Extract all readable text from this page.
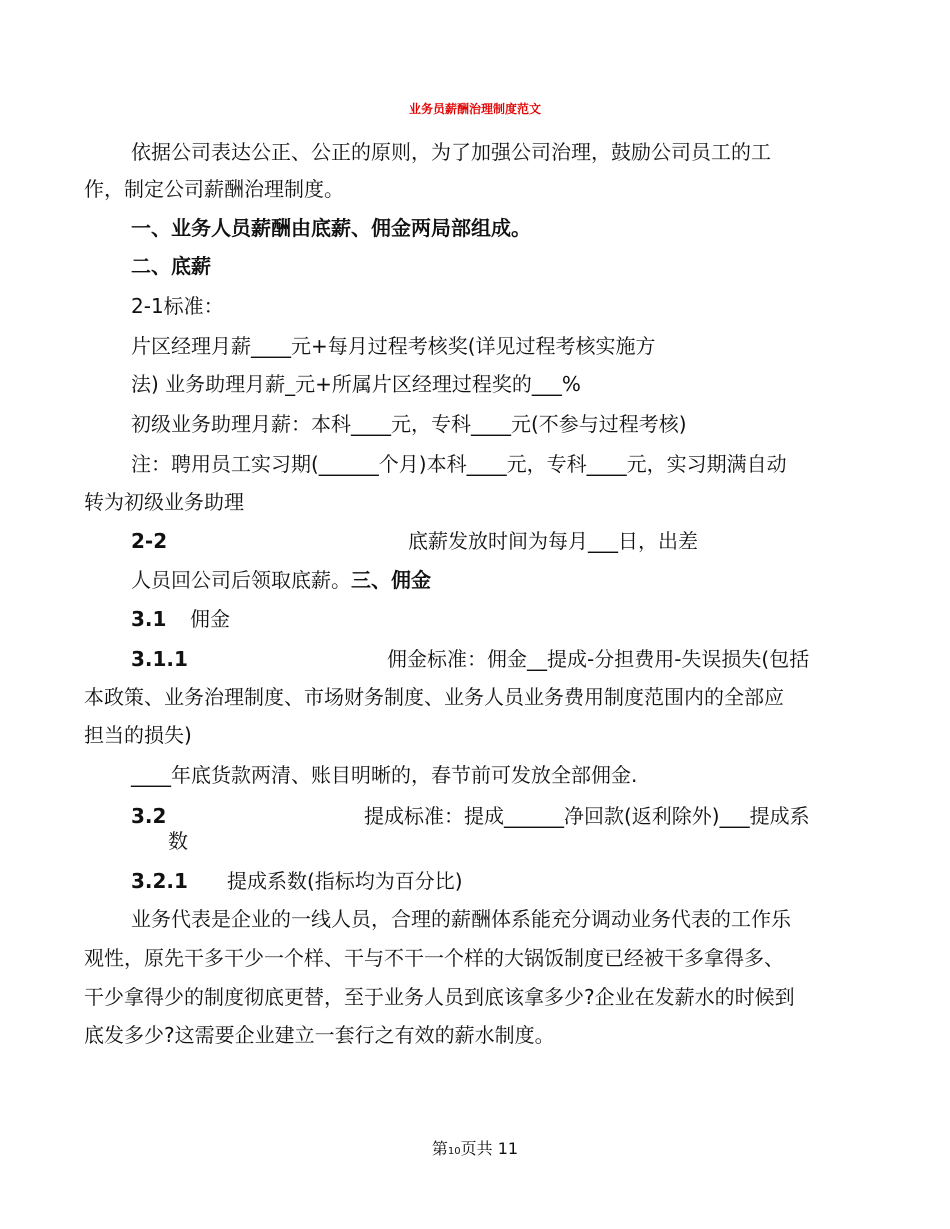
业务员薪酬治理制度范文
依据公司表达公正、公正的原则，为了加强公司治理，鼓励公司员工的工
作，制定公司薪酬治理制度。
一、业务人员薪酬由底薪、佣金两局部组成。
二、底薪
2-1标准：
片区经理月薪____元+每月过程考核奖(详见过程考核实施方
法) 业务助理月薪_元+所属片区经理过程奖的___%
初级业务助理月薪：本科____元，专科____元(不参与过程考核)
注：聘用员工实习期(______个月)本科____元，专科____元，实习期满自动
转为初级业务助理
2-2	底薪发放时间为每月___日，出差
人员回公司后领取底薪。三、佣金
3.1 佣金
3.1.1	佣金标准：佣金__提成-分担费用-失误损失(包括
本政策、业务治理制度、市场财务制度、业务人员业务费用制度范围内的全部应
担当的损失)
____年底货款两清、账目明晰的，春节前可发放全部佣金.
3.2	提成标准：提成______净回款(返利除外)___提成系
数
3.2.1 提成系数(指标均为百分比)
业务代表是企业的一线人员，合理的薪酬体系能充分调动业务代表的工作乐
观性，原先干多干少一个样、干与不干一个样的大锅饭制度已经被干多拿得多、
干少拿得少的制度彻底更替，至于业务人员到底该拿多少?企业在发薪水的时候到
底发多少?这需要企业建立一套行之有效的薪水制度。
第10页共 11
